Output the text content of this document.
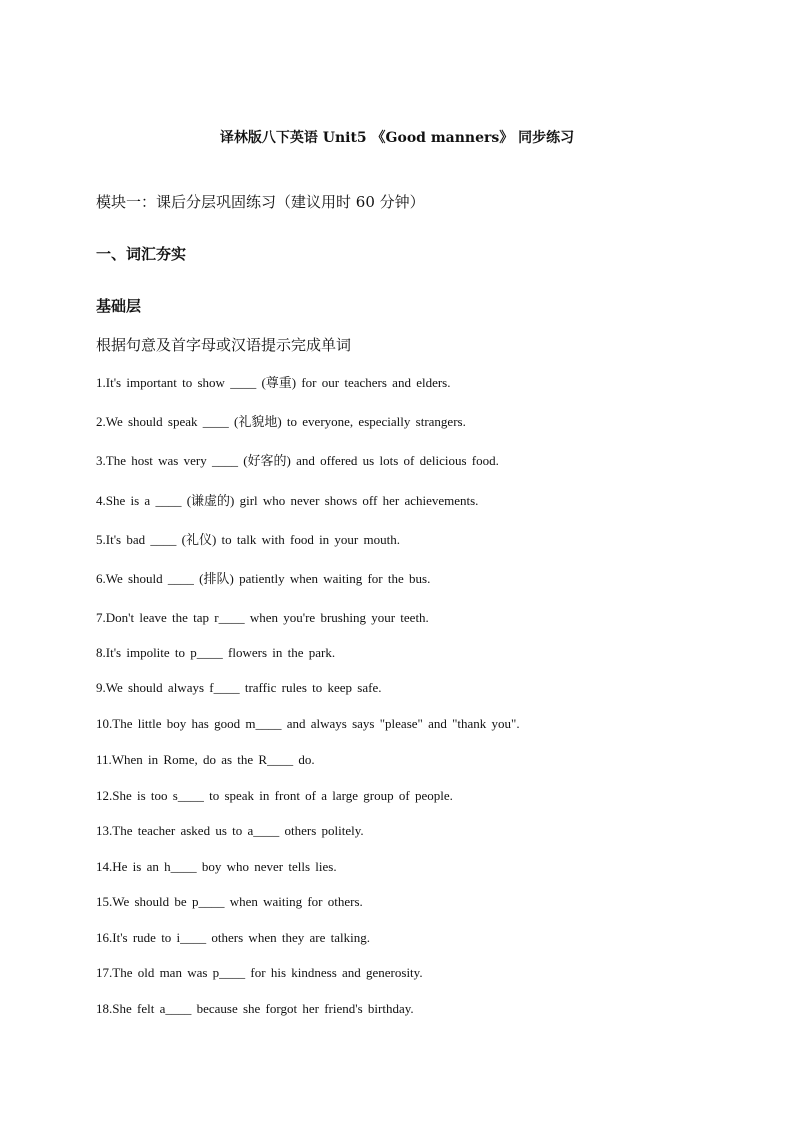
译林版八下英语 Unit5 《Good manners》 同步练习
模块一：课后分层巩固练习（建议用时 60 分钟）
一、词汇夯实
基础层
根据句意及首字母或汉语提示完成单词
1.It's important to show ____ (尊重) for our teachers and elders.
2.We should speak ____ (礼貌地) to everyone, especially strangers.
3.The host was very ____ (好客的) and offered us lots of delicious food.
4.She is a ____ (谦虚的) girl who never shows off her achievements.
5.It's bad ____ (礼仪) to talk with food in your mouth.
6.We should ____ (排队) patiently when waiting for the bus.
7.Don't leave the tap r____ when you're brushing your teeth.
8.It's impolite to p____ flowers in the park.
9.We should always f____ traffic rules to keep safe.
10.The little boy has good m____ and always says "please" and "thank you".
11.When in Rome, do as the R____ do.
12.She is too s____ to speak in front of a large group of people.
13.The teacher asked us to a____ others politely.
14.He is an h____ boy who never tells lies.
15.We should be p____ when waiting for others.
16.It's rude to i____ others when they are talking.
17.The old man was p____ for his kindness and generosity.
18.She felt a____ because she forgot her friend's birthday.
